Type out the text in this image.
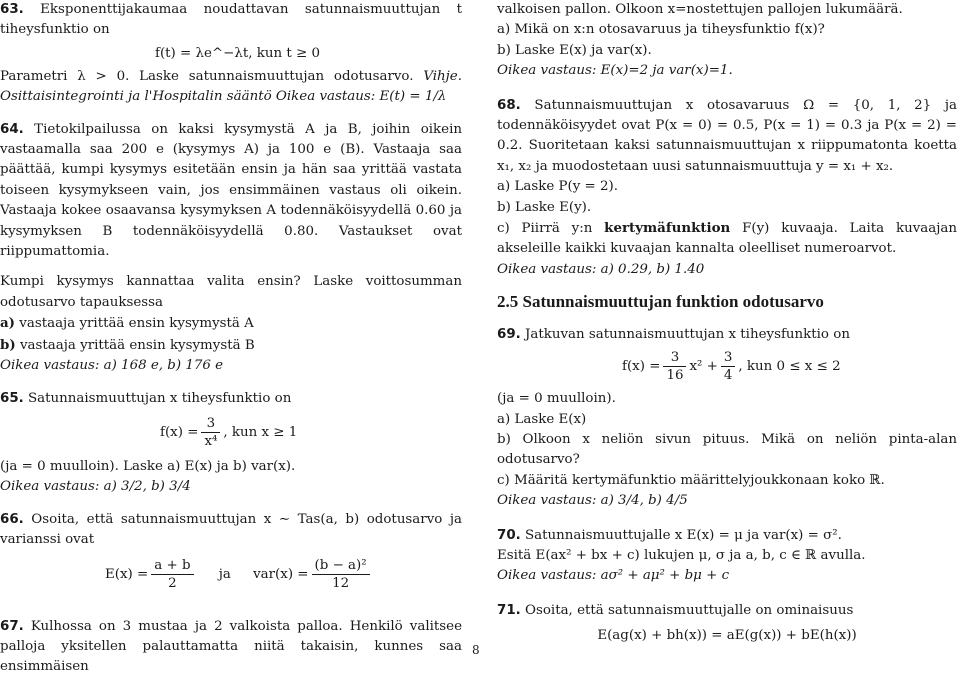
63. Eksponenttijakaumaa noudattavan satunnaismuuttujan t tiheysfunktio on

f(t) = λe^−λt, kun t ≥ 0

Parametri λ > 0. Laske satunnaismuuttujan odotusarvo. Vihje. Osittaisintegrointi ja l'Hospitalin sääntö Oikea vastaus: E(t) = 1/λ

64. Tietokilpailussa on kaksi kysymystä A ja B, joihin oikein vastaamalla saa 200 e (kysymys A) ja 100 e (B). Vastaaja saa päättää, kumpi kysymys esitetään ensin ja hän saa yrittää vastata toiseen kysymykseen vain, jos ensimmäinen vastaus oli oikein. Vastaaja kokee osaavansa kysymyksen A todennäköisyydellä 0.60 ja kysymyksen B todennäköisyydellä 0.80. Vastaukset ovat riippumattomia.

Kumpi kysymys kannattaa valita ensin? Laske voittosumman odotusarvo tapauksessa

a) vastaaja yrittää ensin kysymystä A

b) vastaaja yrittää ensin kysymystä B

Oikea vastaus: a) 168 e, b) 176 e

65. Satunnaismuuttujan x tiheysfunktio on

$f(x) = \frac{3}{\text{x⁴}}$ , kun x ≥ 1

(ja = 0 muulloin). Laske a) E(x) ja b) var(x).

Oikea vastaus: a) 3/2, b) 3/4

66. Osoita, että satunnaismuuttujan x ∼ Tas(a, b) odotusarvo ja varianssi ovat

$E(x) = \frac{a + b}{2}$ ja $var(x) = \frac{\text{(b − a)²}}{12}$

67. Kulhossa on 3 mustaa ja 2 valkoista palloa. Henkilö valitsee palloja yksitellen palauttamatta niitä takaisin, kunnes saa ensimmäisen

valkoisen pallon. Olkoon x=nostettujen pallojen lukumäärä.

a) Mikä on x:n otosavaruus ja tiheysfunktio f(x)?

b) Laske E(x) ja var(x).

Oikea vastaus: E(x)=2 ja var(x)=1.

68. Satunnaismuuttujan x otosavaruus Ω = {0, 1, 2} ja todennäköisyydet ovat P(x = 0) = 0.5, P(x = 1) = 0.3 ja P(x = 2) = 0.2. Suoritetaan kaksi satunnaismuuttujan x riippumatonta koetta x₁, x₂ ja muodostetaan uusi satunnaismuuttuja y = x₁ + x₂.

a) Laske P(y = 2).

b) Laske E(y).

c) Piirrä y:n kertymäfunktion F(y) kuvaaja. Laita kuvaajan akseleille kaikki kuvaajan kannalta oleelliset numeroarvot.

Oikea vastaus: a) 0.29, b) 1.40

2.5 Satunnaismuuttujan funktion odotusarvo

69. Jatkuvan satunnaismuuttujan x tiheysfunktio on

$f(x) = \frac{3}{16} x^2 + \frac{3}{4}$ , kun 0 ≤ x ≤ 2

(ja = 0 muulloin).

a) Laske E(x)

b) Olkoon x neliön sivun pituus. Mikä on neliön pinta-alan odotusarvo?

c) Määritä kertymäfunktio määrittelyjoukkonaan koko ℝ.

Oikea vastaus: a) 3/4, b) 4/5

70. Satunnaismuuttujalle x E(x) = μ ja var(x) = σ².

Esitä E(ax² + bx + c) lukujen μ, σ ja a, b, c ∈ ℝ avulla.

Oikea vastaus: aσ² + aμ² + bμ + c

71. Osoita, että satunnaismuuttujalle on ominaisuus

E(ag(x) + bh(x)) = aE(g(x)) + bE(h(x))

8
